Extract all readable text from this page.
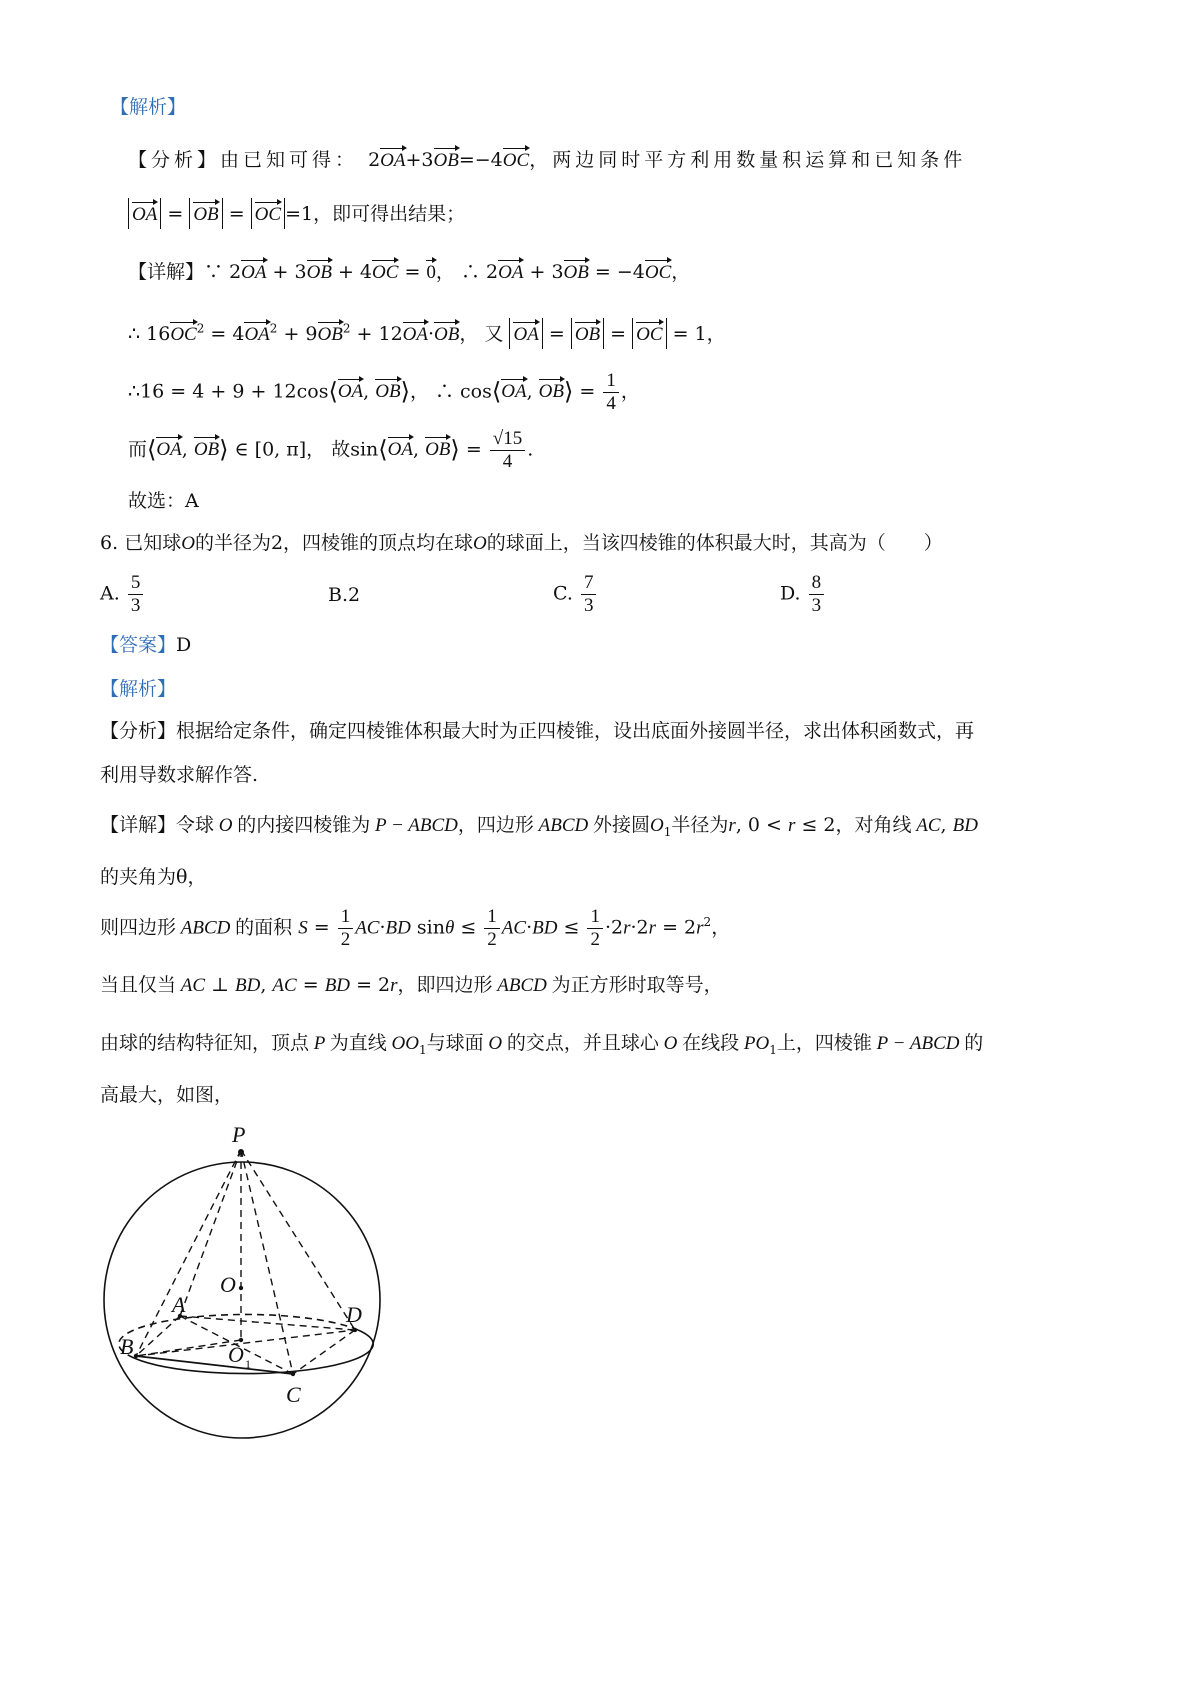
【解析】
【分析】由已知可得： 2OA+3OB=−4OC，两边同时平方利用数量积运算和已知条件
OA = OB = OC =1，即可得出结果；
【详解】∵ 2OA + 3OB + 4OC = 0， ∴ 2OA + 3OB = −4OC，
∴ $16OC^2 = 4OA^2 + 9OB^2 + 12OA\cdot OB$， 又 OA = OB = OC = 1，
∴16 = 4 + 9 + 12cos⟨OA, OB⟩， ∴ cos⟨OA, OB⟩ = $\frac{1}{4}$ ，
而⟨OA, OB⟩ ∈ [0, π]， 故sin⟨OA, OB⟩ = $\frac{√15}{4}$ .
故选：A
6. 已知球O的半径为2，四棱锥的顶点均在球O的球面上，当该四棱锥的体积最大时，其高为（　　）
A. $\frac{5}{3}$	B.2	C. $\frac{7}{3}$	D. $\frac{8}{3}$
【答案】D
【解析】
【分析】根据给定条件，确定四棱锥体积最大时为正四棱锥，设出底面外接圆半径，求出体积函数式，再
利用导数求解作答.
【详解】令球 O 的内接四棱锥为 P − ABCD，四边形 ABCD 外接圆$O_1$半径为r, 0 < r ≤ 2，对角线 AC, BD
的夹角为θ，
则四边形 ABCD 的面积 $S = \frac{1}{2} AC\cdot BD$ $\sin\theta \le \frac{1}{2} AC\cdot BD \le \frac{1}{2} \cdot 2r\cdot 2r = 2r^2$，
当且仅当 AC ⊥ BD, AC = BD = 2r，即四边形 ABCD 为正方形时取等号，
由球的结构特征知，顶点 P 为直线 $OO_1$与球面 O 的交点，并且球心 O 在线段 $PO_1$上，四棱锥 P − ABCD 的
高最大，如图，
P
O
A
B
C
D
O 1
